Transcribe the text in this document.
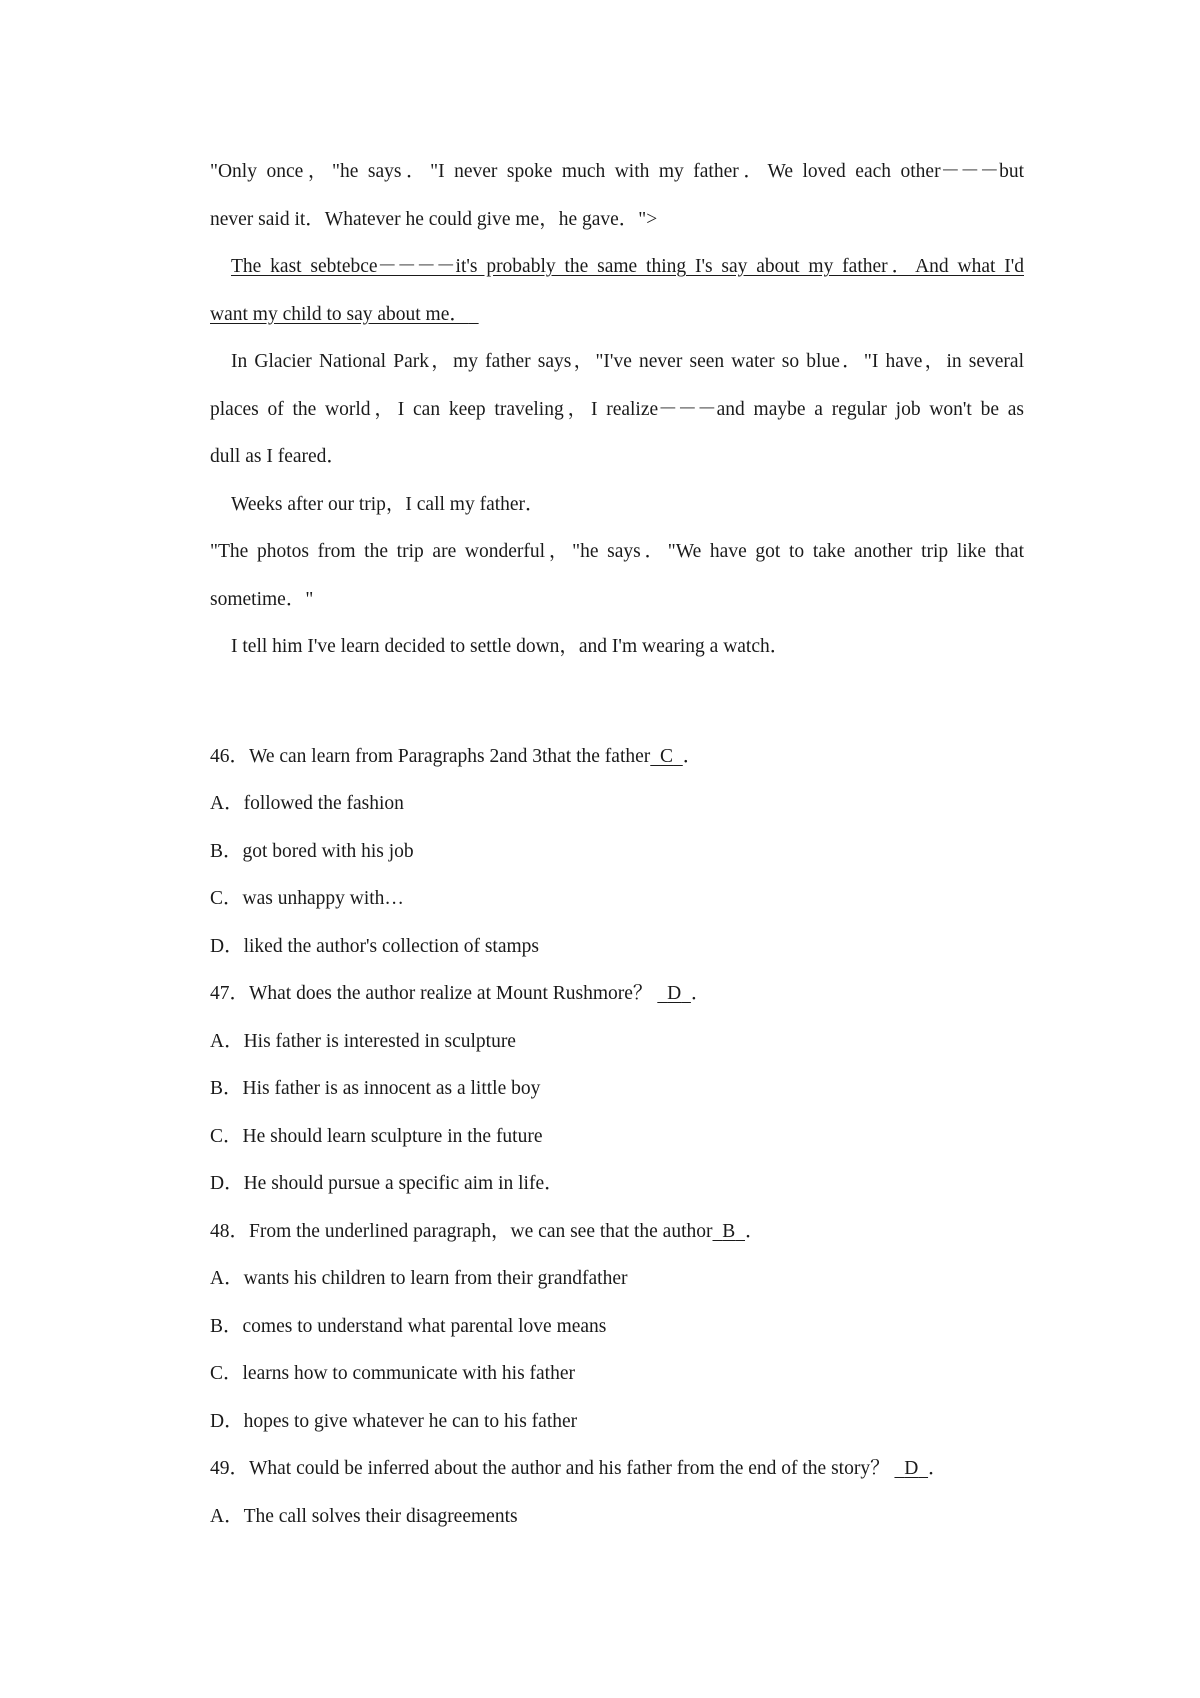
"Only once，"he says．"I never spoke much with my father．We loved each other－－－but
never said it．Whatever he could give me，he gave．">
The kast sebtebce－－－－it's probably the same thing I's say about my father．And what I'd
want my child to say about me．
In Glacier National Park，my father says，"I've never seen water so blue．"I have，in several
places of the world，I can keep traveling，I realize－－－and maybe a regular job won't be as
dull as I feared．
Weeks after our trip，I call my father．
"The photos from the trip are wonderful，"he says．"We have got to take another trip like that
sometime．"
I tell him I've learn decided to settle down，and I'm wearing a watch．
46．We can learn from Paragraphs 2and 3that the father C ．
A．followed the fashion
B．got bored with his job
C．was unhappy with…
D．liked the author's collection of stamps
47．What does the author realize at Mount Rushmore？ D ．
A．His father is interested in sculpture
B．His father is as innocent as a little boy
C．He should learn sculpture in the future
D．He should pursue a specific aim in life．
48．From the underlined paragraph，we can see that the author B ．
A．wants his children to learn from their grandfather
B．comes to understand what parental love means
C．learns how to communicate with his father
D．hopes to give whatever he can to his father
49．What could be inferred about the author and his father from the end of the story？ D ．
A．The call solves their disagreements
